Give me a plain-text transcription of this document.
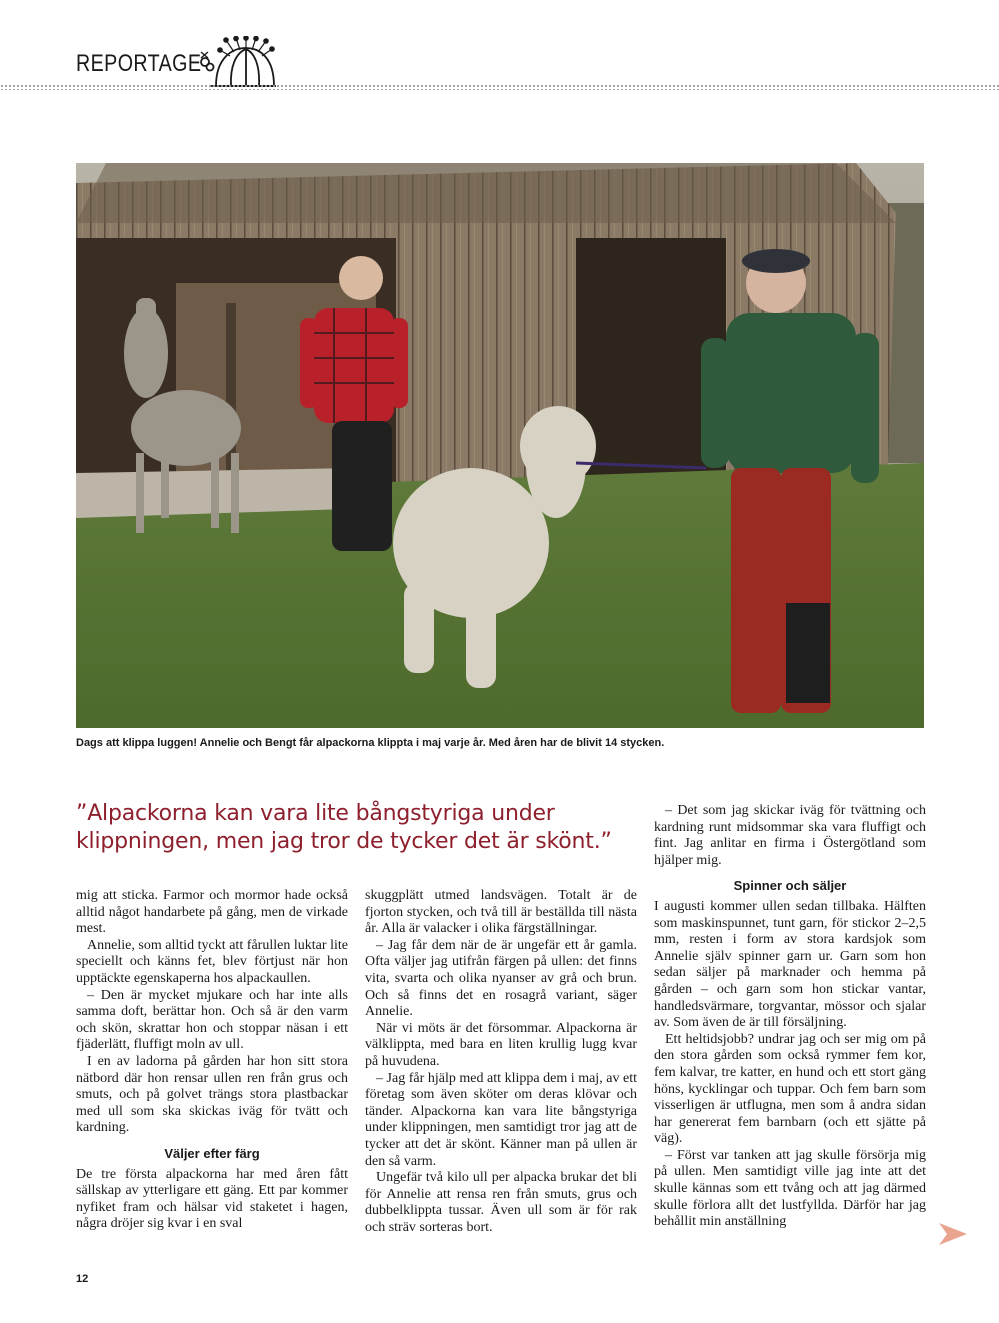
REPORTAGE
Dags att klippa luggen! Annelie och Bengt får alpackorna klippta i maj varje år. Med åren har de blivit 14 stycken.
”Alpackorna kan vara lite bångstyriga under klippningen, men jag tror de tycker det är skönt.”

mig att sticka. Farmor och mormor hade också alltid något handarbete på gång, men de virkade mest.

Annelie, som alltid tyckt att fårullen luktar lite speciellt och känns fet, blev förtjust när hon upptäckte egenskaperna hos alpackaullen.

– Den är mycket mjukare och har inte alls samma doft, berättar hon. Och så är den varm och skön, skrattar hon och stoppar näsan i ett fjäderlätt, fluffigt moln av ull.

I en av ladorna på gården har hon sitt stora nätbord där hon rensar ullen ren från grus och smuts, och på golvet trängs stora plastbackar med ull som ska skickas iväg för tvätt och kardning.

Väljer efter färg

De tre första alpackorna har med åren fått sällskap av ytterligare ett gäng. Ett par kommer nyfiket fram och hälsar vid staketet i hagen, några dröjer sig kvar i en sval

skuggplätt utmed landsvägen. Totalt är de fjorton stycken, och två till är beställda till nästa år. Alla är valacker i olika färgställningar.

– Jag får dem när de är ungefär ett år gamla. Ofta väljer jag utifrån färgen på ullen: det finns vita, svarta och olika nyanser av grå och brun. Och så finns det en rosagrå variant, säger Annelie.

När vi möts är det försommar. Alpackorna är välklippta, med bara en liten krullig lugg kvar på huvudena.

– Jag får hjälp med att klippa dem i maj, av ett företag som även sköter om deras klövar och tänder. Alpackorna kan vara lite bångstyriga under klippningen, men samtidigt tror jag att de tycker att det är skönt. Känner man på ullen är den så varm.

Ungefär två kilo ull per alpacka brukar det bli för Annelie att rensa ren från smuts, grus och dubbelklippta tussar. Även ull som är för rak och sträv sorteras bort.

– Det som jag skickar iväg för tvättning och kardning runt midsommar ska vara fluffigt och fint. Jag anlitar en firma i Östergötland som hjälper mig.

Spinner och säljer

I augusti kommer ullen sedan tillbaka. Hälften som maskinspunnet, tunt garn, för stickor 2–2,5 mm, resten i form av stora kardsjok som Annelie själv spinner garn ur. Garn som hon sedan säljer på marknader och hemma på gården – och garn som hon stickar vantar, handledsvärmare, torgvantar, mössor och sjalar av. Som även de är till försäljning.

Ett heltidsjobb? undrar jag och ser mig om på den stora gården som också rymmer fem kor, fem kalvar, tre katter, en hund och ett stort gäng höns, kycklingar och tuppar. Och fem barn som visserligen är utflugna, men som å andra sidan har genererat fem barnbarn (och ett sjätte på väg).

– Först var tanken att jag skulle försörja mig på ullen. Men samtidigt ville jag inte att det skulle kännas som ett tvång och att jag därmed skulle förlora allt det lustfyllda. Därför har jag behållit min anställning

12
